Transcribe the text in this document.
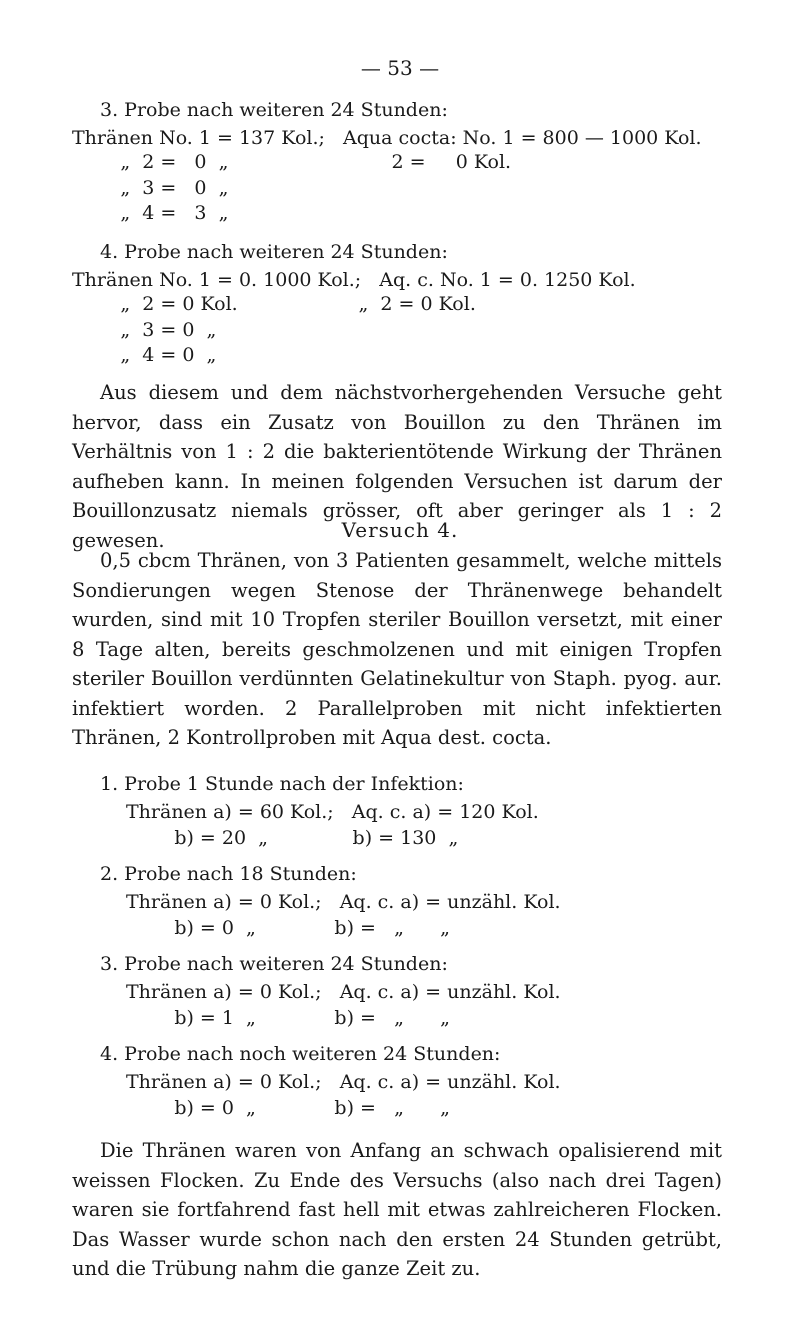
— 53 —
3. Probe nach weiteren 24 Stunden:
Thränen No. 1 = 137 Kol.;   Aqua cocta: No. 1 = 800 — 1000 Kol.
„  2 =   0  „                           2 =     0 Kol.
„  3 =   0  „
„  4 =   3  „
4. Probe nach weiteren 24 Stunden:
Thränen No. 1 = 0. 1000 Kol.;   Aq. c. No. 1 = 0. 1250 Kol.
„  2 = 0 Kol.                    „  2 = 0 Kol.
„  3 = 0  „
„  4 = 0  „

Aus diesem und dem nächstvorhergehenden Versuche geht hervor, dass ein Zusatz von Bouillon zu den Thränen im Verhältnis von 1 : 2 die bakterientötende Wirkung der Thränen aufheben kann. In meinen folgenden Versuchen ist darum der Bouillonzusatz niemals grösser, oft aber geringer als 1 : 2 gewesen.	Versuch 4.

0,5 cbcm Thränen, von 3 Patienten gesammelt, welche mittels Sondierungen wegen Stenose der Thränenwege behandelt wurden, sind mit 10 Tropfen steriler Bouillon versetzt, mit einer 8 Tage alten, bereits geschmolzenen und mit einigen Tropfen steriler Bouillon verdünnten Gelatinekultur von Staph. pyog. aur. infektiert worden. 2 Parallelproben mit nicht infektierten Thränen, 2 Kontrollproben mit Aqua dest. cocta.

1. Probe 1 Stunde nach der Infektion:
Thränen a) = 60 Kol.;   Aq. c. a) = 120 Kol.
b) = 20  „              b) = 130  „
2. Probe nach 18 Stunden:
Thränen a) = 0 Kol.;   Aq. c. a) = unzähl. Kol.
b) = 0  „             b) =   „      „
3. Probe nach weiteren 24 Stunden:
Thränen a) = 0 Kol.;   Aq. c. a) = unzähl. Kol.
b) = 1  „             b) =   „      „
4. Probe nach noch weiteren 24 Stunden:
Thränen a) = 0 Kol.;   Aq. c. a) = unzähl. Kol.
b) = 0  „             b) =   „      „

Die Thränen waren von Anfang an schwach opalisierend mit weissen Flocken. Zu Ende des Versuchs (also nach drei Tagen) waren sie fortfahrend fast hell mit etwas zahlreicheren Flocken. Das Wasser wurde schon nach den ersten 24 Stunden getrübt, und die Trübung nahm die ganze Zeit zu.
